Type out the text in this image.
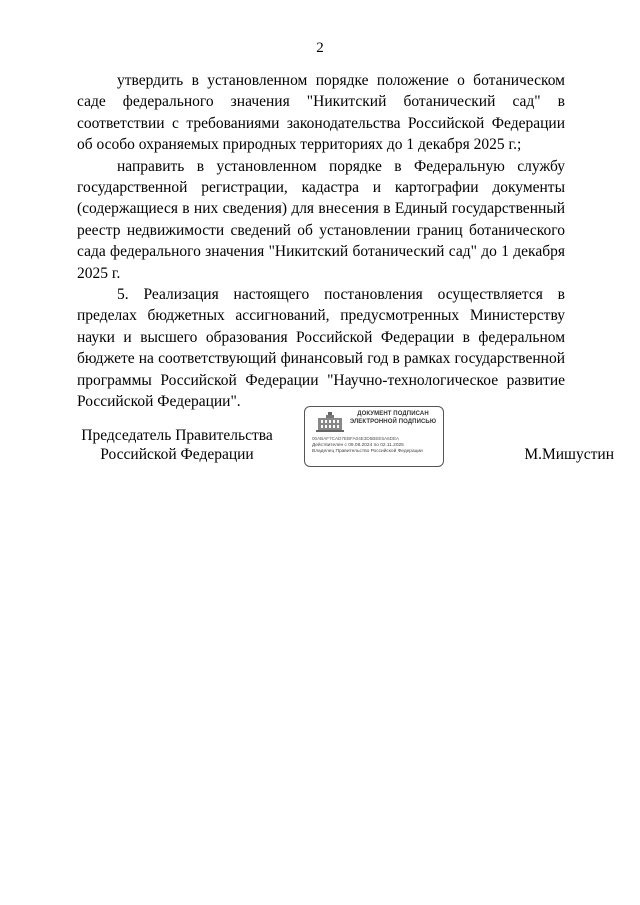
2

утвердить в установленном порядке положение о ботаническом саде федерального значения "Никитский ботанический сад" в соответствии с требованиями законодательства Российской Федерации об особо охраняемых природных территориях до 1 декабря 2025 г.;

направить в установленном порядке в Федеральную службу государственной регистрации, кадастра и картографии документы (содержащиеся в них сведения) для внесения в Единый государственный реестр недвижимости сведений об установлении границ ботанического сада федерального значения "Никитский ботанический сад" до 1 декабря 2025 г.

5. Реализация настоящего постановления осуществляется в пределах бюджетных ассигнований, предусмотренных Министерству науки и высшего образования Российской Федерации в федеральном бюджете на соответствующий финансовый год в рамках государственной программы Российской Федерации "Научно-технологическое развитие Российской Федерации".

Председатель Правительства
Российской Федерации
ДОКУМЕНТ ПОДПИСАН
ЭЛЕКТРОННОЙ ПОДПИСЬЮ
00ABAF7CAD7EBFA04E3D5BEE5A6DEA
Действителен с 09.08.2024 по 02.11.2025
Владелец Правительство Российской Федерации	М.Мишустин
